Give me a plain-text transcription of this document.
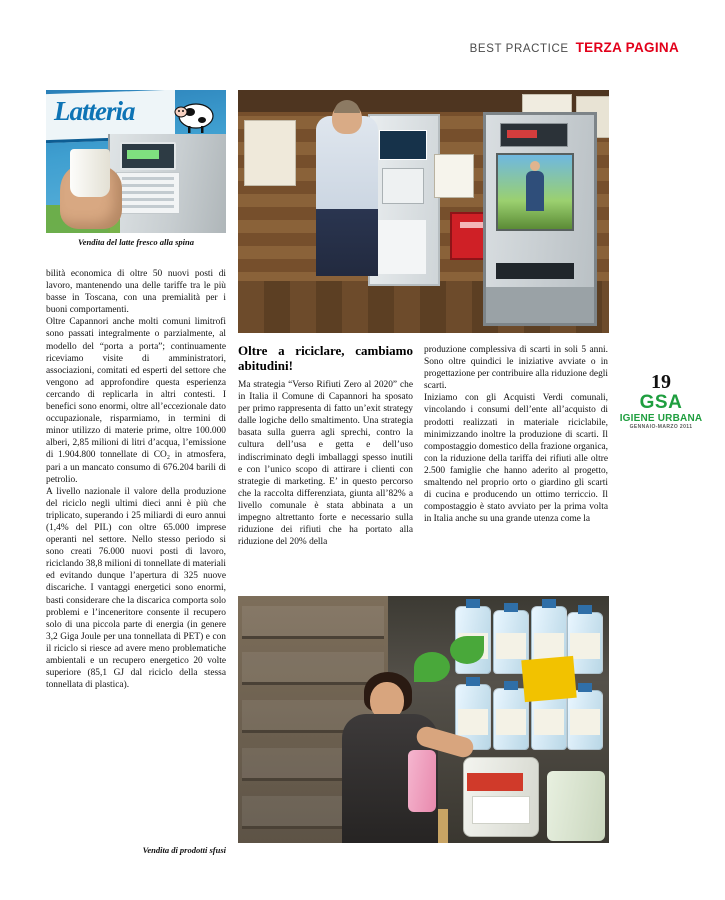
BEST PRACTICE TERZA PAGINA
Latteria
Vendita del latte fresco alla spina

bilità economica di oltre 50 nuovi posti di lavoro, mantenendo una delle tariffe tra le più basse in Toscana, con una premialità per i buoni comportamenti.

Oltre Capannori anche molti comuni limitrofi sono passati integralmente o parzialmente, al modello del “porta a porta”; continuamente riceviamo visite di amministratori, associazioni, comitati ed esperti del settore che vengono ad approfondire questa esperienza cercando di replicarla in altri contesti. I benefici sono enormi, oltre all’eccezionale dato occupazionale, risparmiamo, in termini di minor utilizzo di materie prime, oltre 100.000 alberi, 2,85 milioni di litri d’acqua, l’emissione di 1.904.800 tonnellate di CO₂ in atmosfera, pari a un mancato consumo di 676.204 barili di petrolio.

A livello nazionale il valore della produzione del riciclo negli ultimi dieci anni è più che triplicato, superando i 25 miliardi di euro annui (1,4% del PIL) con oltre 65.000 imprese operanti nel settore. Nello stesso periodo si sono creati 76.000 nuovi posti di lavoro, riciclando 38,8 milioni di tonnellate di materiali ed evitando dunque l’apertura di 325 nuove discariche. I vantaggi energetici sono enormi, basti considerare che la discarica comporta solo problemi e l’inceneritore consente il recupero solo di una piccola parte di energia (in genere 3,2 Giga Joule per una tonnellata di PET) e con il riciclo si riesce ad avere meno problematiche ambientali e un recupero energetico 20 volte superiore (85,1 GJ dal riciclo della stessa tonnellata di plastica).

Oltre a riciclare, cambiamo abitudini!

Ma strategia “Verso Rifiuti Zero al 2020” che in Italia il Comune di Capannori ha sposato per primo rappresenta di fatto un’exit strategy dalle logiche dello smaltimento. Una strategia basata sulla guerra agli sprechi, contro la cultura dell’usa e getta e dell’uso indiscriminato degli imballaggi spesso inutili e con l’unico scopo di attirare i clienti con strategie di marketing. E’ in questo percorso che la raccolta differenziata, giunta all’82% a livello comunale è stata abbinata a un impegno altrettanto forte e necessario sulla riduzione dei rifiuti che ha portato alla riduzione del 20% della

produzione complessiva di scarti in soli 5 anni. Sono oltre quindici le iniziative avviate o in progettazione per contribuire alla riduzione degli scarti.

Iniziamo con gli Acquisti Verdi comunali, vincolando i consumi dell’ente all’acquisto di prodotti realizzati in materiale riciclabile, minimizzando inoltre la produzione di scarti. Il compostaggio domestico della frazione organica, con la riduzione della tariffa dei rifiuti alle oltre 2.500 famiglie che hanno aderito al progetto, smaltendo nel proprio orto o giardino gli scarti di cucina e producendo un ottimo terriccio. Il compostaggio è stato avviato per la prima volta in Italia anche su una grande utenza come la

19
GSA
IGIENE URBANA
GENNAIO-MARZO 2011
Vendita di prodotti sfusi
